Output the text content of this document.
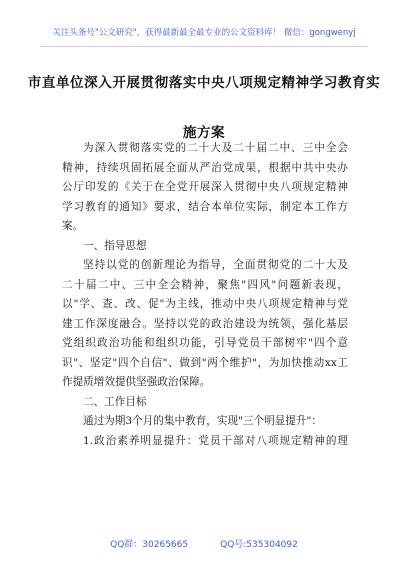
关注头条号"公文研究"，获得最新最全最专业的公文资料库！ 微信：gongwenyj
市直单位深入开展贯彻落实中央八项规定精神学习教育实
施方案
为深入贯彻落实党的二十大及二十届二中、三中全会
精神，持续巩固拓展全面从严治党成果，根据中共中央办
公厅印发的《关于在全党开展深入贯彻中央八项规定精神
学习教育的通知》要求，结合本单位实际，制定本工作方
案。
一、指导思想
坚持以党的创新理论为指导，全面贯彻党的二十大及
二十届二中、三中全会精神，聚焦"四风"问题新表现，
以"学、查、改、促"为主线，推动中央八项规定精神与党
建工作深度融合。坚持以党的政治建设为统领，强化基层
党组织政治功能和组织功能，引导党员干部树牢"四个意
识"、坚定"四个自信"、做到"两个维护"，为加快推动xx工
作提质增效提供坚强政治保障。
二、工作目标
通过为期3个月的集中教育，实现"三个明显提升"：
1.政治素养明显提升：党员干部对八项规定精神的理
QQ群：30265665	QQ号:535304092
